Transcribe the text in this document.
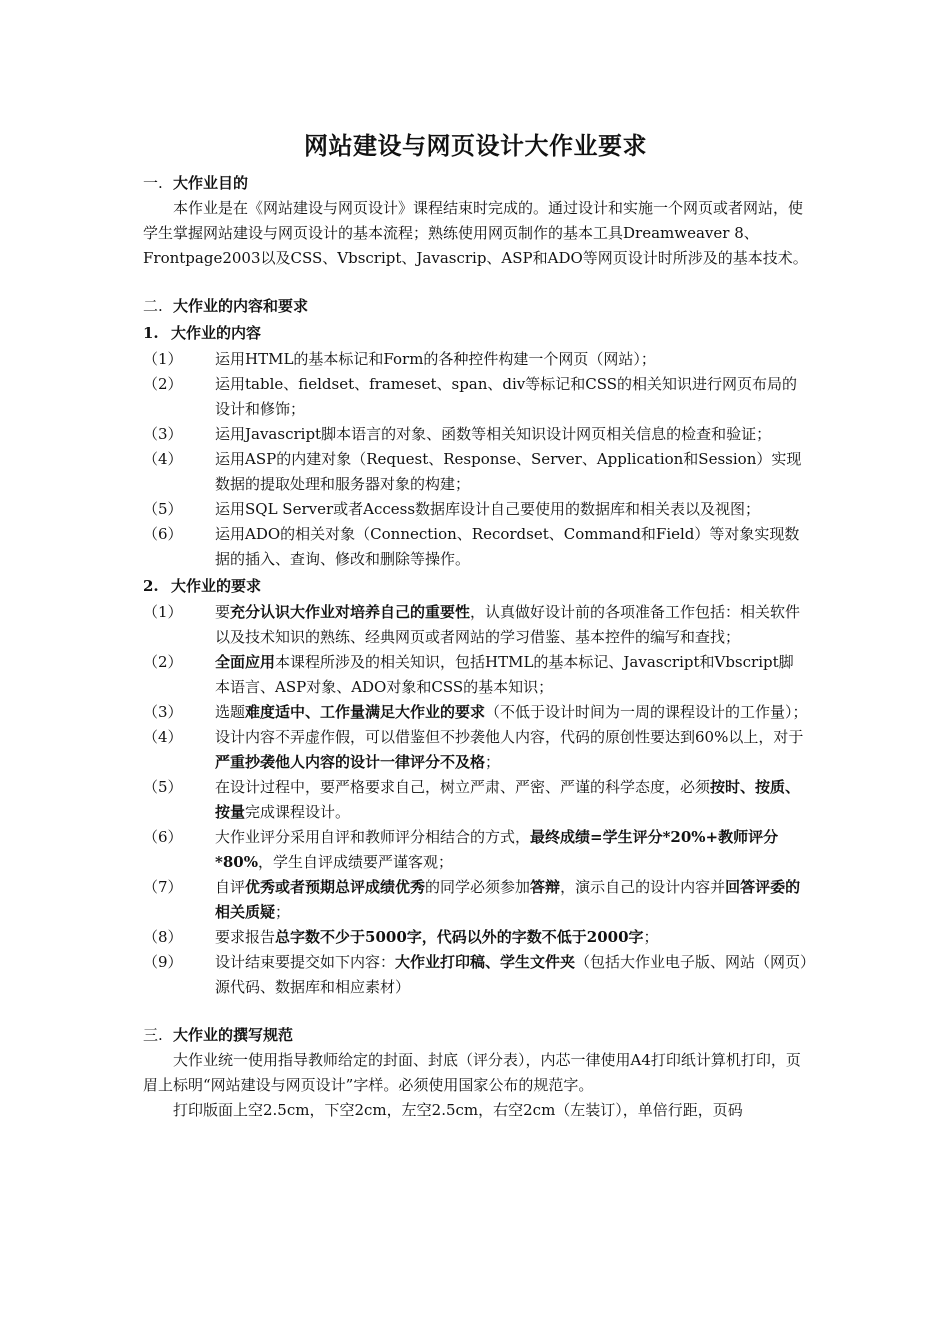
网站建设与网页设计大作业要求
一. 大作业目的

本作业是在《网站建设与网页设计》课程结束时完成的。通过设计和实施一个网页或者网站，使学生掌握网站建设与网页设计的基本流程；熟练使用网页制作的基本工具Dreamweaver 8、Frontpage2003以及CSS、Vbscript、Javascrip、ASP和ADO等网页设计时所涉及的基本技术。

二. 大作业的内容和要求
1. 大作业的内容
（1）	运用HTML的基本标记和Form的各种控件构建一个网页（网站）；
（2）	运用table、fieldset、frameset、span、div等标记和CSS的相关知识进行网页布局的设计和修饰；
（3）	运用Javascript脚本语言的对象、函数等相关知识设计网页相关信息的检查和验证；
（4）	运用ASP的内建对象（Request、Response、Server、Application和Session）实现数据的提取处理和服务器对象的构建；
（5）	运用SQL Server或者Access数据库设计自己要使用的数据库和相关表以及视图；
（6）	运用ADO的相关对象（Connection、Recordset、Command和Field）等对象实现数据的插入、查询、修改和删除等操作。
2. 大作业的要求
（1）	要充分认识大作业对培养自己的重要性，认真做好设计前的各项准备工作包括：相关软件以及技术知识的熟练、经典网页或者网站的学习借鉴、基本控件的编写和查找；
（2）	全面应用本课程所涉及的相关知识，包括HTML的基本标记、Javascript和Vbscript脚本语言、ASP对象、ADO对象和CSS的基本知识；
（3）	选题难度适中、工作量满足大作业的要求（不低于设计时间为一周的课程设计的工作量）；
（4）	设计内容不弄虚作假，可以借鉴但不抄袭他人内容，代码的原创性要达到60%以上，对于严重抄袭他人内容的设计一律评分不及格；
（5）	在设计过程中，要严格要求自己，树立严肃、严密、严谨的科学态度，必须按时、按质、按量完成课程设计。
（6）	大作业评分采用自评和教师评分相结合的方式，最终成绩=学生评分*20%+教师评分*80%，学生自评成绩要严谨客观；
（7）	自评优秀或者预期总评成绩优秀的同学必须参加答辩，演示自己的设计内容并回答评委的相关质疑；
（8）	要求报告总字数不少于5000字，代码以外的字数不低于2000字；
（9）	设计结束要提交如下内容：大作业打印稿、学生文件夹（包括大作业电子版、网站（网页）源代码、数据库和相应素材）
三. 大作业的撰写规范

大作业统一使用指导教师给定的封面、封底（评分表），内芯一律使用A4打印纸计算机打印，页眉上标明“网站建设与网页设计”字样。必须使用国家公布的规范字。

打印版面上空2.5cm，下空2cm，左空2.5cm，右空2cm（左装订），单倍行距，页码
